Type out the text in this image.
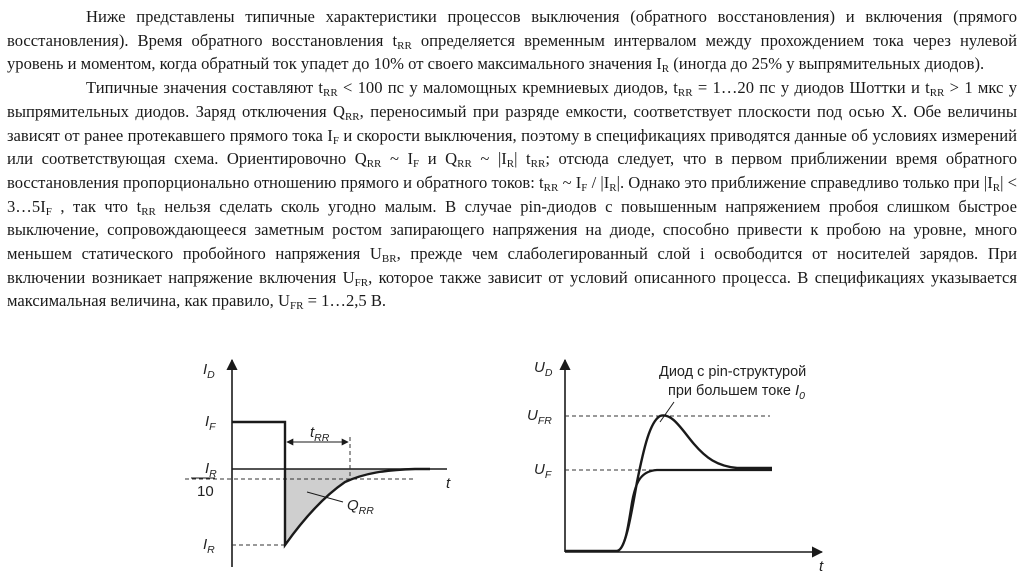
Ниже представлены типичные характеристики процессов выключения (обратного восстановления) и включения (прямого восстановления). Время обратного восстановления $t_{RR}$ определяется временным интервалом между прохождением тока через нулевой уровень и моментом, когда обратный ток упадет до 10% от своего максимального значения $I_R$ (иногда до 25% у выпрямительных диодов).

Типичные значения составляют $t_{RR} < 100$ пс у маломощных кремниевых диодов, $t_{RR}$ = 1…20 пс у диодов Шоттки и $t_{RR} > 1$ мкс у выпрямительных диодов. Заряд отключения $Q_{RR}$, переносимый при разряде емкости, соответствует плоскости под осью X. Обе величины зависят от ранее протекавшего прямого тока $I_F$ и скорости выключения, поэтому в спецификациях приводятся данные об условиях измерений или соответствующая схема. Ориентировочно $Q_{RR}$ ~ $I_F$ и $Q_{RR}$ ~ $|I_R|$ $t_{RR}$; отсюда следует, что в первом приближении время обратного восстановления пропорционально отношению прямого и обратного токов: $t_{RR}$ ~ $I_F / |I_R|$. Однако это приближение справедливо только при $|I_R|$ < $3\dots 5I_F$ , так что $t_{RR}$ нельзя сделать сколь угодно малым. В случае pin-диодов с повышенным напряжением пробоя слишком быстрое выключение, сопровождающееся заметным ростом запирающего напряжения на диоде, способно привести к пробою на уровне, много меньшем статического пробойного напряжения $U_{BR}$, прежде чем слаболегированный слой i освободится от носителей зарядов. При включении возникает напряжение включения $U_{FR}$, которое также зависит от условий описанного процесса. В спецификациях указывается максимальная величина, как правило, $U_{FR}$ = 1…2,5 В.

$I_D$
$I_F$
$I_R$
10
$I_R$
$t_{RR}$
$Q_{RR}$
t
$U_D$
$U_{FR}$
$U_F$
Диод с pin-структурой
при большем токе $I_0$
t
